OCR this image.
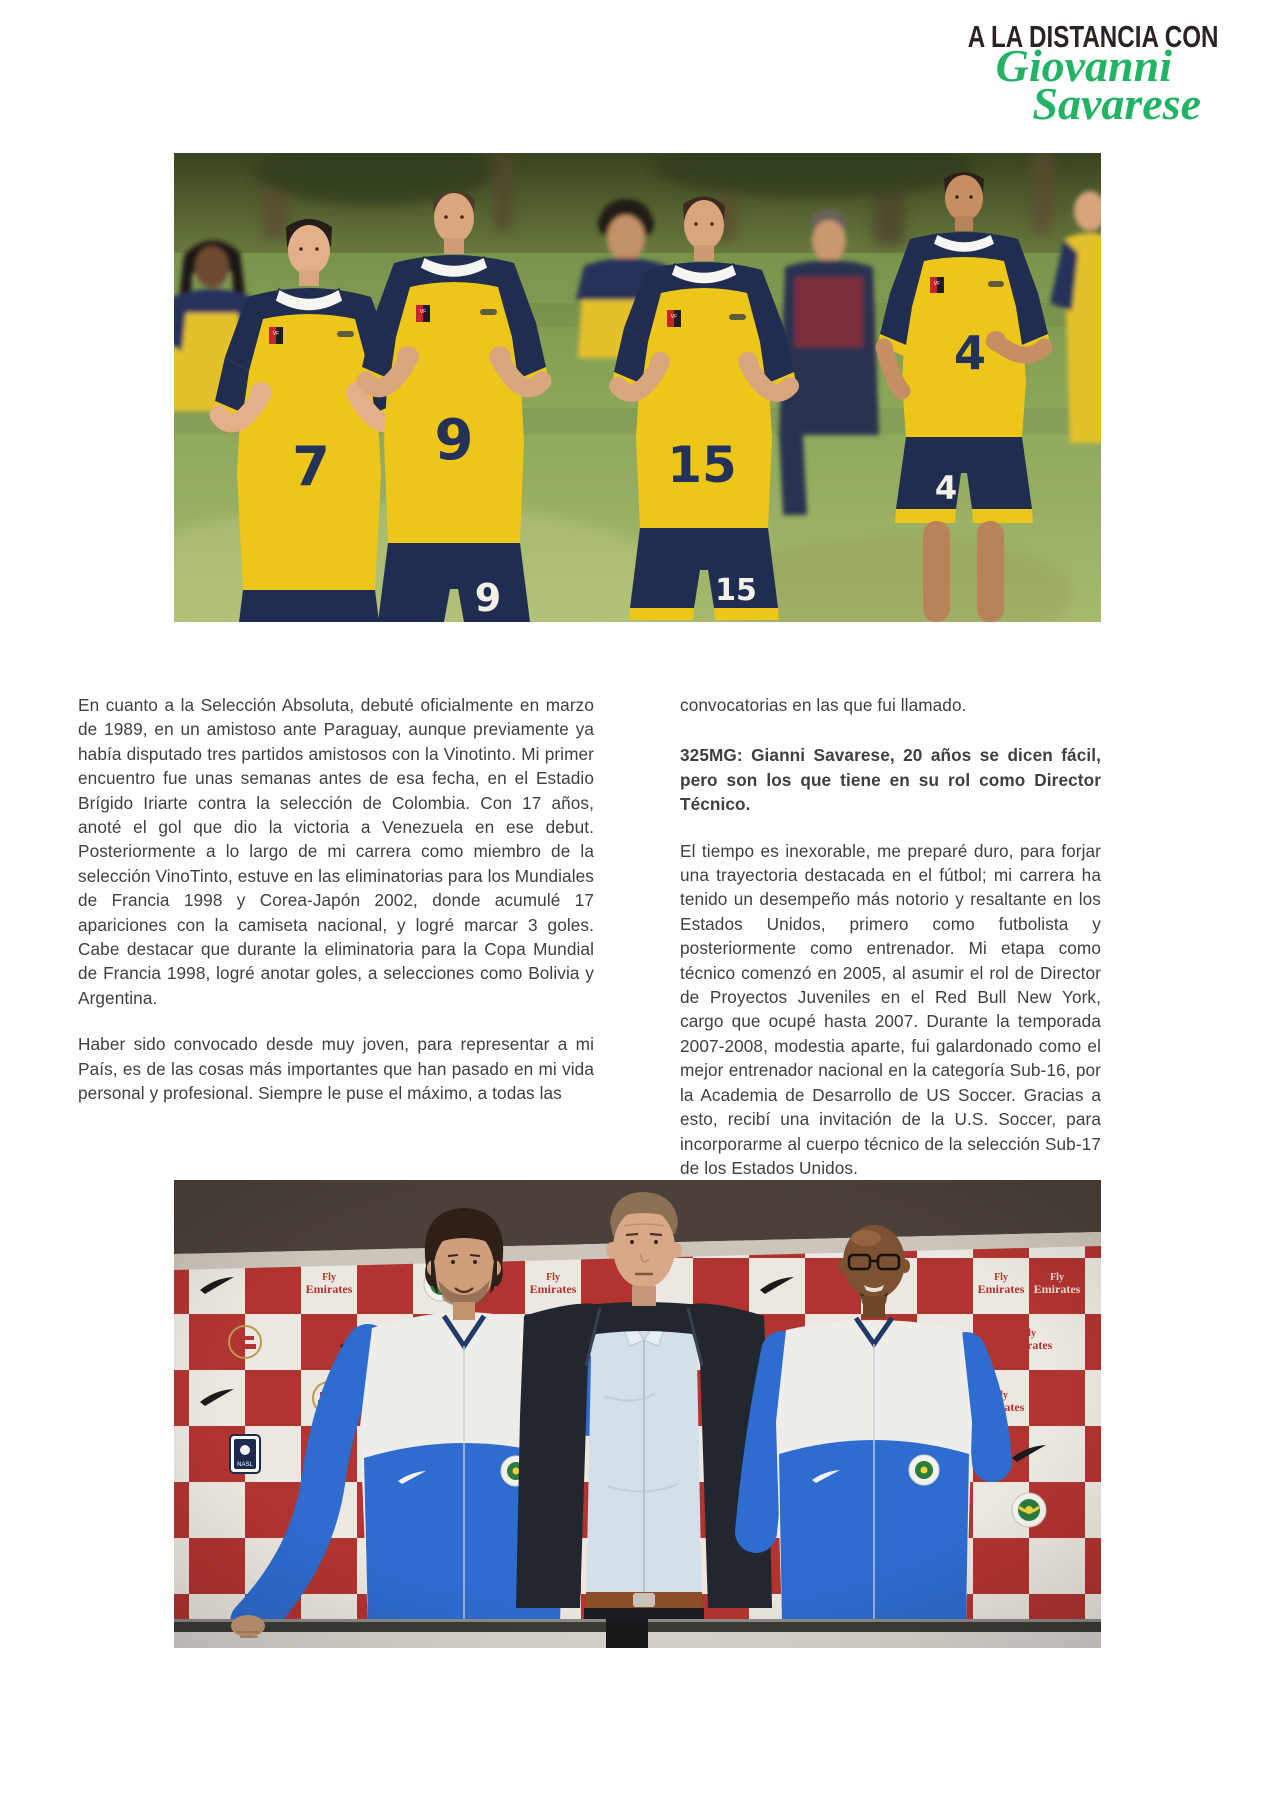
A LA DISTANCIA CON
Giovanni
Savarese
VF
7
VF
9
9
VF
15
15
VF
4
4

En cuanto a la Selección Absoluta, debuté oficialmente en marzo de 1989, en un amistoso ante Paraguay, aunque previamente ya había disputado tres partidos amistosos con la Vinotinto. Mi primer encuentro fue unas semanas antes de esa fecha, en el Estadio Brígido Iriarte contra la selección de Colombia. Con 17 años, anoté el gol que dio la victoria a Venezuela en ese debut. Posteriormente a lo largo de mi carrera como miembro de la selección VinoTinto, estuve en las eliminatorias para los Mundiales de Francia 1998 y Corea-Japón 2002, donde acumulé 17 apariciones con la camiseta nacional, y logré marcar 3 goles. Cabe destacar que durante la eliminatoria para la Copa Mundial de Francia 1998, logré anotar goles, a selecciones como Bolivia y Argentina.

Haber sido convocado desde muy joven, para representar a mi País, es de las cosas más importantes que han pasado en mi vida personal y profesional. Siempre le puse el máximo, a todas las

convocatorias en las que fui llamado.

325MG: Gianni Savarese, 20 años se dicen fácil, pero son los que tiene en su rol como Director Técnico.

El tiempo es inexorable, me preparé duro, para forjar una trayectoria destacada en el fútbol; mi carrera ha tenido un desempeño más notorio y resaltante en los Estados Unidos, primero como futbolista y posteriormente como entrenador. Mi etapa como técnico comenzó en 2005, al asumir el rol de Director de Proyectos Juveniles en el Red Bull New York, cargo que ocupé hasta 2007. Durante la temporada 2007-2008, modestia aparte, fui galardonado como el mejor entrenador nacional en la categoría Sub-16, por la Academia de Desarrollo de US Soccer. Gracias a esto, recibí una invitación de la U.S. Soccer, para incorporarme al cuerpo técnico de la selección Sub-17 de los Estados Unidos.
